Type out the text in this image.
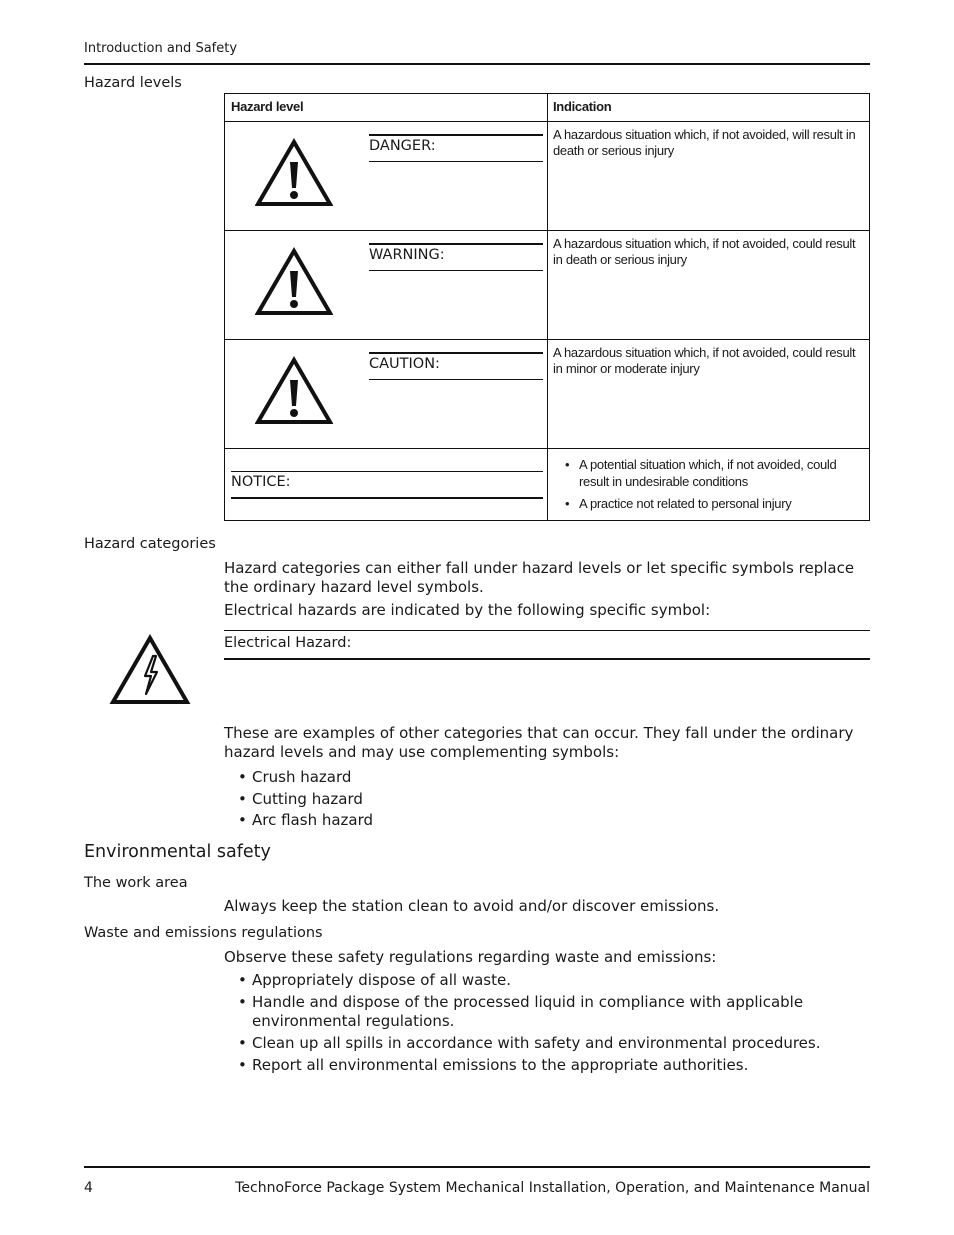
Introduction and Safety
Hazard levels
Hazard level	Indication
DANGER:
A hazardous situation which, if not avoided, will result in death or serious injury
WARNING:
A hazardous situation which, if not avoided, could result in death or serious injury
CAUTION:
A hazardous situation which, if not avoided, could result in minor or moderate injury
NOTICE:
• A potential situation which, if not avoided, could result in undesirable conditions
• A practice not related to personal injury
Hazard categories
Hazard categories can either fall under hazard levels or let specific symbols replace the ordinary hazard level symbols.
Electrical hazards are indicated by the following specific symbol:
Electrical Hazard:
These are examples of other categories that can occur. They fall under the ordinary hazard levels and may use complementing symbols:
• Crush hazard
• Cutting hazard
• Arc flash hazard
Environmental safety
The work area
Always keep the station clean to avoid and/or discover emissions.
Waste and emissions regulations
Observe these safety regulations regarding waste and emissions:
• Appropriately dispose of all waste.
• Handle and dispose of the processed liquid in compliance with applicable environmental regulations.
• Clean up all spills in accordance with safety and environmental procedures.
• Report all environmental emissions to the appropriate authorities.
4	TechnoForce Package System Mechanical Installation, Operation, and Maintenance Manual
